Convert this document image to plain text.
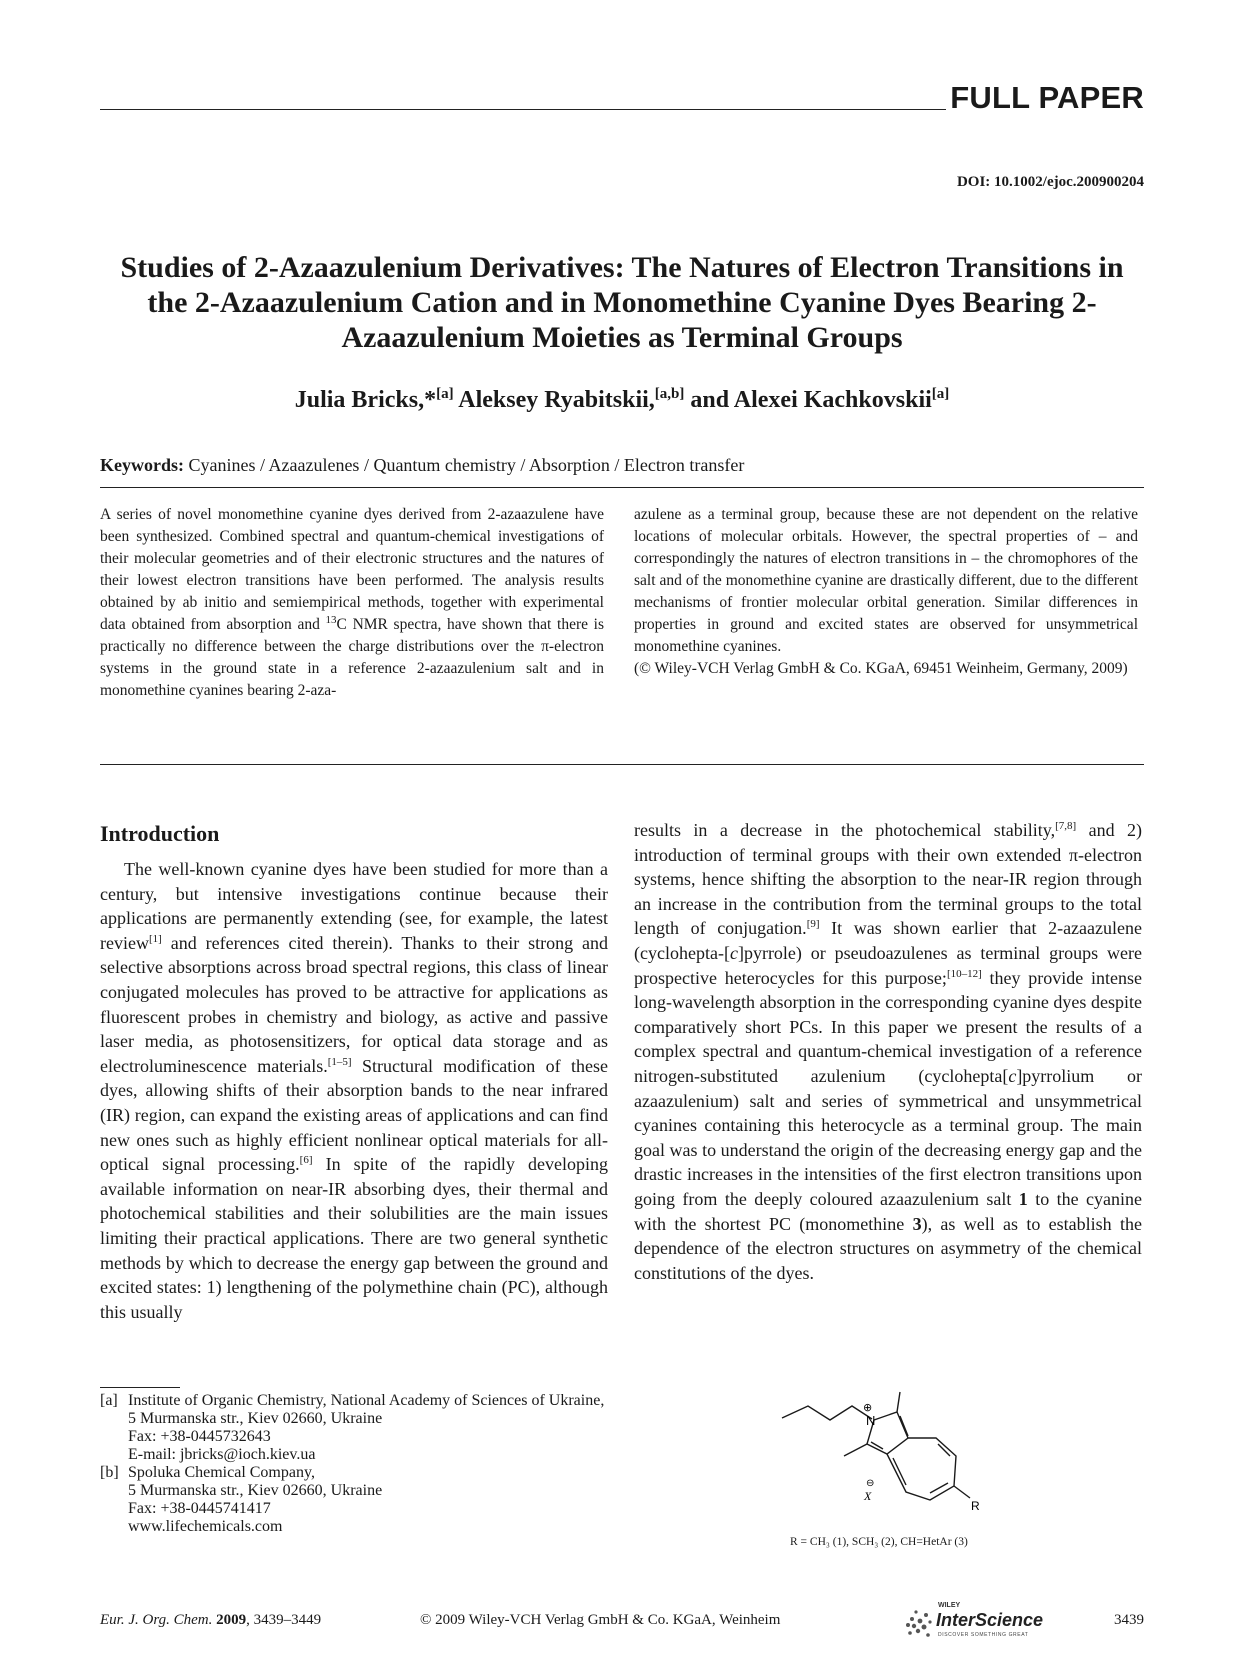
FULL PAPER
DOI: 10.1002/ejoc.200900204
Studies of 2-Azaazulenium Derivatives: The Natures of Electron Transitions in the 2-Azaazulenium Cation and in Monomethine Cyanine Dyes Bearing 2-Azaazulenium Moieties as Terminal Groups
Julia Bricks,*[a] Aleksey Ryabitskii,[a,b] and Alexei Kachkovskii[a]
Keywords: Cyanines / Azaazulenes / Quantum chemistry / Absorption / Electron transfer
A series of novel monomethine cyanine dyes derived from 2-azaazulene have been synthesized. Combined spectral and quantum-chemical investigations of their molecular geometries and of their electronic structures and the natures of their lowest electron transitions have been performed. The analysis results obtained by ab initio and semiempirical methods, together with experimental data obtained from absorption and $^{13}$C NMR spectra, have shown that there is practically no difference between the charge distributions over the π-electron systems in the ground state in a reference 2-azaazulenium salt and in monomethine cyanines bearing 2-aza-
azulene as a terminal group, because these are not dependent on the relative locations of molecular orbitals. However, the spectral properties of – and correspondingly the natures of electron transitions in – the chromophores of the salt and of the monomethine cyanine are drastically different, due to the different mechanisms of frontier molecular orbital generation. Similar differences in properties in ground and excited states are observed for unsymmetrical monomethine cyanines.
(© Wiley-VCH Verlag GmbH & Co. KGaA, 69451 Weinheim, Germany, 2009)
Introduction
The well-known cyanine dyes have been studied for more than a century, but intensive investigations continue because their applications are permanently extending (see, for example, the latest review[1] and references cited therein). Thanks to their strong and selective absorptions across broad spectral regions, this class of linear conjugated molecules has proved to be attractive for applications as fluorescent probes in chemistry and biology, as active and passive laser media, as photosensitizers, for optical data storage and as electroluminescence materials.[1–5] Structural modification of these dyes, allowing shifts of their absorption bands to the near infrared (IR) region, can expand the existing areas of applications and can find new ones such as highly efficient nonlinear optical materials for all-optical signal processing.[6] In spite of the rapidly developing available information on near-IR absorbing dyes, their thermal and photochemical stabilities and their solubilities are the main issues limiting their practical applications. There are two general synthetic methods by which to decrease the energy gap between the ground and excited states: 1) lengthening of the polymethine chain (PC), although this usually
results in a decrease in the photochemical stability,[7,8] and 2) introduction of terminal groups with their own extended π-electron systems, hence shifting the absorption to the near-IR region through an increase in the contribution from the terminal groups to the total length of conjugation.[9] It was shown earlier that 2-azaazulene (cyclohepta-[c]pyrrole) or pseudoazulenes as terminal groups were prospective heterocycles for this purpose;[10–12] they provide intense long-wavelength absorption in the corresponding cyanine dyes despite comparatively short PCs. In this paper we present the results of a complex spectral and quantum-chemical investigation of a reference nitrogen-substituted azulenium (cyclohepta[c]pyrrolium or azaazulenium) salt and series of symmetrical and unsymmetrical cyanines containing this heterocycle as a terminal group. The main goal was to understand the origin of the decreasing energy gap and the drastic increases in the intensities of the first electron transitions upon going from the deeply coloured azaazulenium salt 1 to the cyanine with the shortest PC (monomethine 3), as well as to establish the dependence of the electron structures on asymmetry of the chemical constitutions of the dyes.
[a] Institute of Organic Chemistry, National Academy of Sciences of Ukraine,
5 Murmanska str., Kiev 02660, Ukraine
Fax: +38-0445732643
E-mail: jbricks@ioch.kiev.ua
[b] Spoluka Chemical Company,
5 Murmanska str., Kiev 02660, Ukraine
Fax: +38-0445741417
www.lifechemicals.com
N
⊕
X
⊖
R
R = CH₃ (1), SCH₃ (2), CH=HetAr (3)
Eur. J. Org. Chem. 2009, 3439–3449	© 2009 Wiley-VCH Verlag GmbH & Co. KGaA, Weinheim
WILEY
InterScience
DISCOVER SOMETHING GREAT
3439
